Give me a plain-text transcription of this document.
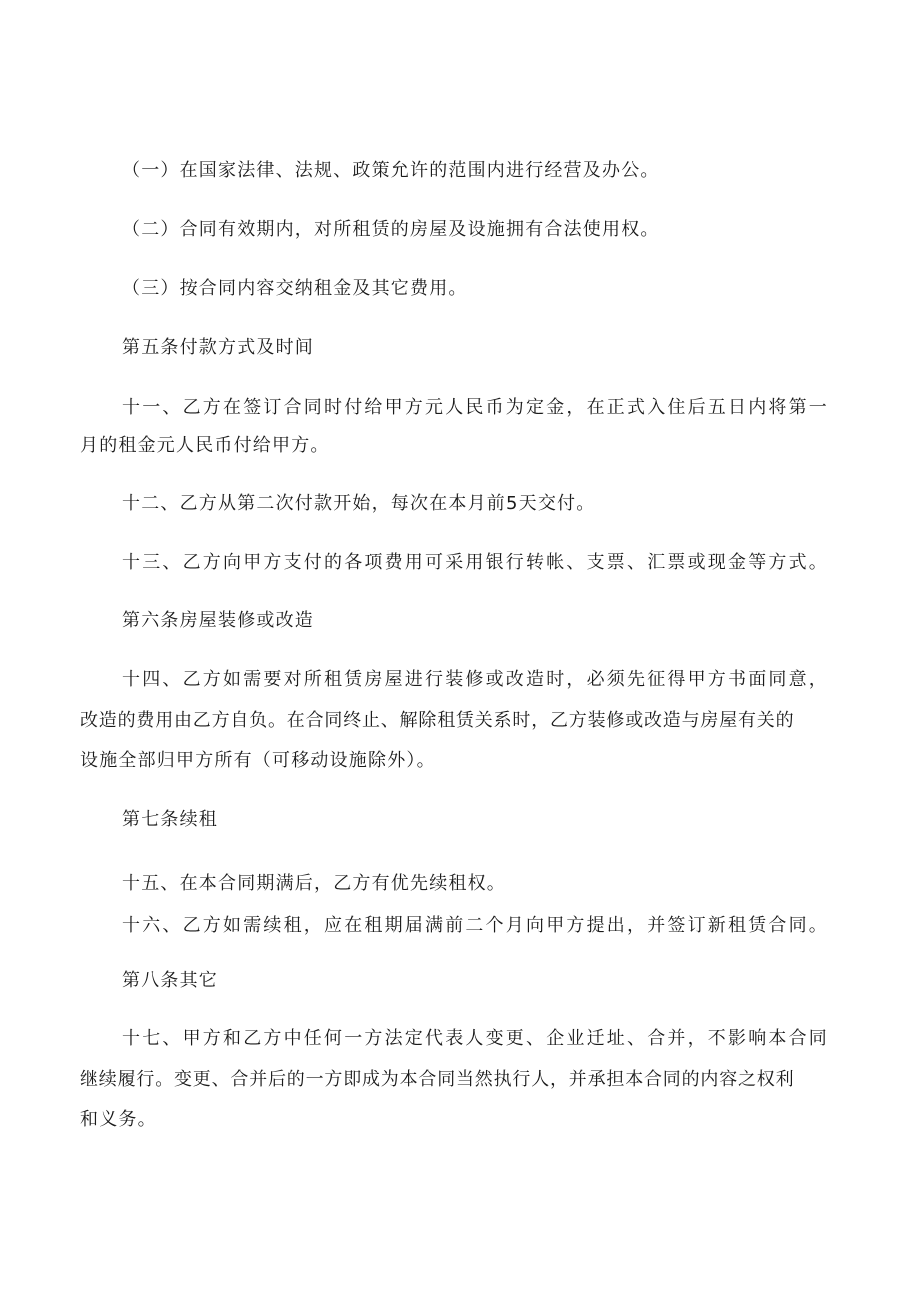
（一）在国家法律、法规、政策允许的范围内进行经营及办公。

（二）合同有效期内，对所租赁的房屋及设施拥有合法使用权。

（三）按合同内容交纳租金及其它费用。

第五条付款方式及时间

十一、乙方在签订合同时付给甲方元人民币为定金，在正式入住后五日内将第一

月的租金元人民币付给甲方。

十二、乙方从第二次付款开始，每次在本月前5天交付。

十三、乙方向甲方支付的各项费用可采用银行转帐、支票、汇票或现金等方式。

第六条房屋装修或改造

十四、乙方如需要对所租赁房屋进行装修或改造时，必须先征得甲方书面同意，

改造的费用由乙方自负。在合同终止、解除租赁关系时，乙方装修或改造与房屋有关的

设施全部归甲方所有（可移动设施除外）。

第七条续租

十五、在本合同期满后，乙方有优先续租权。

十六、乙方如需续租，应在租期届满前二个月向甲方提出，并签订新租赁合同。

第八条其它

十七、甲方和乙方中任何一方法定代表人变更、企业迁址、合并，不影响本合同

继续履行。变更、合并后的一方即成为本合同当然执行人，并承担本合同的内容之权利

和义务。
